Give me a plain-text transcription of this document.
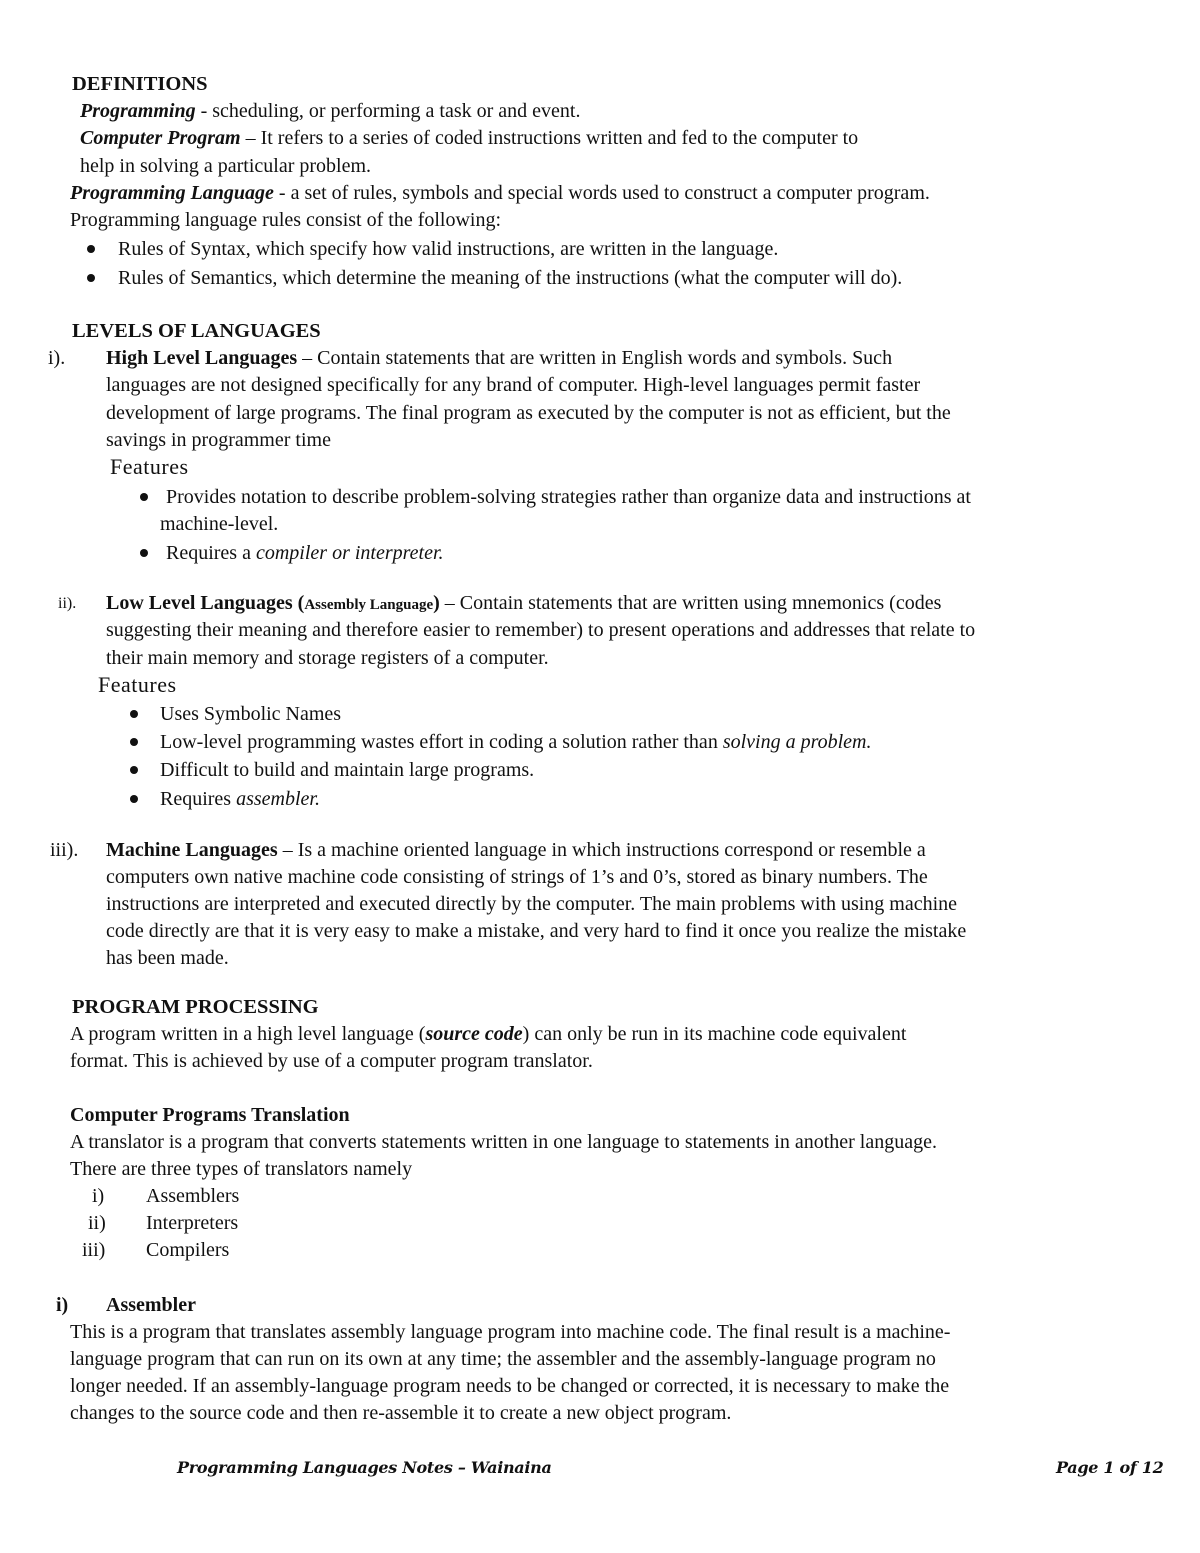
DEFINITIONS
Programming - scheduling, or performing a task or and event.
Computer Program – It refers to a series of coded instructions written and fed to the computer to
help in solving a particular problem.
Programming Language - a set of rules, symbols and special words used to construct a computer program.
Programming language rules consist of the following:
Rules of Syntax, which specify how valid instructions, are written in the language.
Rules of Semantics, which determine the meaning of the instructions (what the computer will do).
LEVELS OF LANGUAGES
i). High Level Languages – Contain statements that are written in English words and symbols. Such
languages are not designed specifically for any brand of computer. High-level languages permit faster
development of large programs. The final program as executed by the computer is not as efficient, but the
savings in programmer time
Features
Provides notation to describe problem-solving strategies rather than organize data and instructions at
machine-level.
Requires a compiler or interpreter.
ii). Low Level Languages (Assembly Language) – Contain statements that are written using mnemonics (codes
suggesting their meaning and therefore easier to remember) to present operations and addresses that relate to
their main memory and storage registers of a computer.
Features
Uses Symbolic Names
Low-level programming wastes effort in coding a solution rather than solving a problem.
Difficult to build and maintain large programs.
Requires assembler.
iii). Machine Languages – Is a machine oriented language in which instructions correspond or resemble a
computers own native machine code consisting of strings of 1’s and 0’s, stored as binary numbers. The
instructions are interpreted and executed directly by the computer. The main problems with using machine
code directly are that it is very easy to make a mistake, and very hard to find it once you realize the mistake
has been made.
PROGRAM PROCESSING
A program written in a high level language (source code) can only be run in its machine code equivalent
format. This is achieved by use of a computer program translator.
Computer Programs Translation
A translator is a program that converts statements written in one language to statements in another language.
There are three types of translators namely
i) Assemblers
ii) Interpreters
iii) Compilers
i) Assembler
This is a program that translates assembly language program into machine code. The final result is a machine-
language program that can run on its own at any time; the assembler and the assembly-language program no
longer needed. If an assembly-language program needs to be changed or corrected, it is necessary to make the
changes to the source code and then re-assemble it to create a new object program.
Programming Languages Notes – Wainaina	Page 1 of 12
